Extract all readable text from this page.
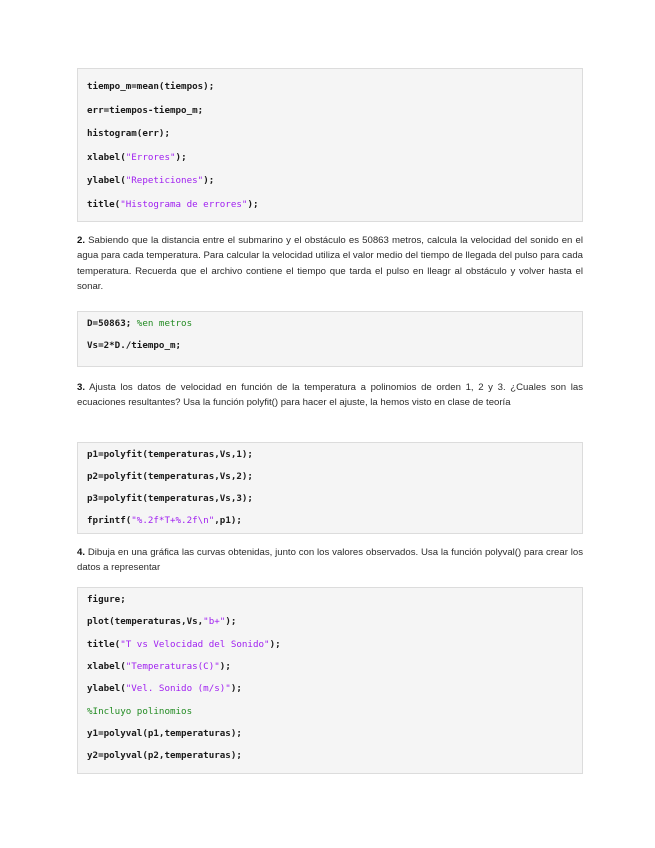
tiempo_m=mean(tiempos);
err=tiempos-tiempo_m;
histogram(err);
xlabel("Errores");
ylabel("Repeticiones");
title("Histograma de errores");
2. Sabiendo que la distancia entre el submarino y el obstáculo es 50863 metros, calcula la velocidad del sonido en el agua para cada temperatura. Para calcular la velocidad utiliza el valor medio del tiempo de llegada del pulso para cada temperatura. Recuerda que el archivo contiene el tiempo que tarda el pulso en lleagr al obstáculo y volver hasta el sonar.
D=50863; %en metros
Vs=2*D./tiempo_m;
3. Ajusta los datos de velocidad en función de la temperatura a polinomios de orden 1, 2 y 3. ¿Cuales son las ecuaciones resultantes? Usa la función polyfit() para hacer el ajuste, la hemos visto en clase de teoría
p1=polyfit(temperaturas,Vs,1);
p2=polyfit(temperaturas,Vs,2);
p3=polyfit(temperaturas,Vs,3);
fprintf("%.2f*T+%.2f\n",p1);
4. Dibuja en una gráfica las curvas obtenidas, junto con los valores observados. Usa la función polyval() para crear los datos a representar
figure;
plot(temperaturas,Vs,"b+");
title("T vs Velocidad del Sonido");
xlabel("Temperaturas(C)");
ylabel("Vel. Sonido (m/s)");
%Incluyo polinomios
y1=polyval(p1,temperaturas);
y2=polyval(p2,temperaturas);
